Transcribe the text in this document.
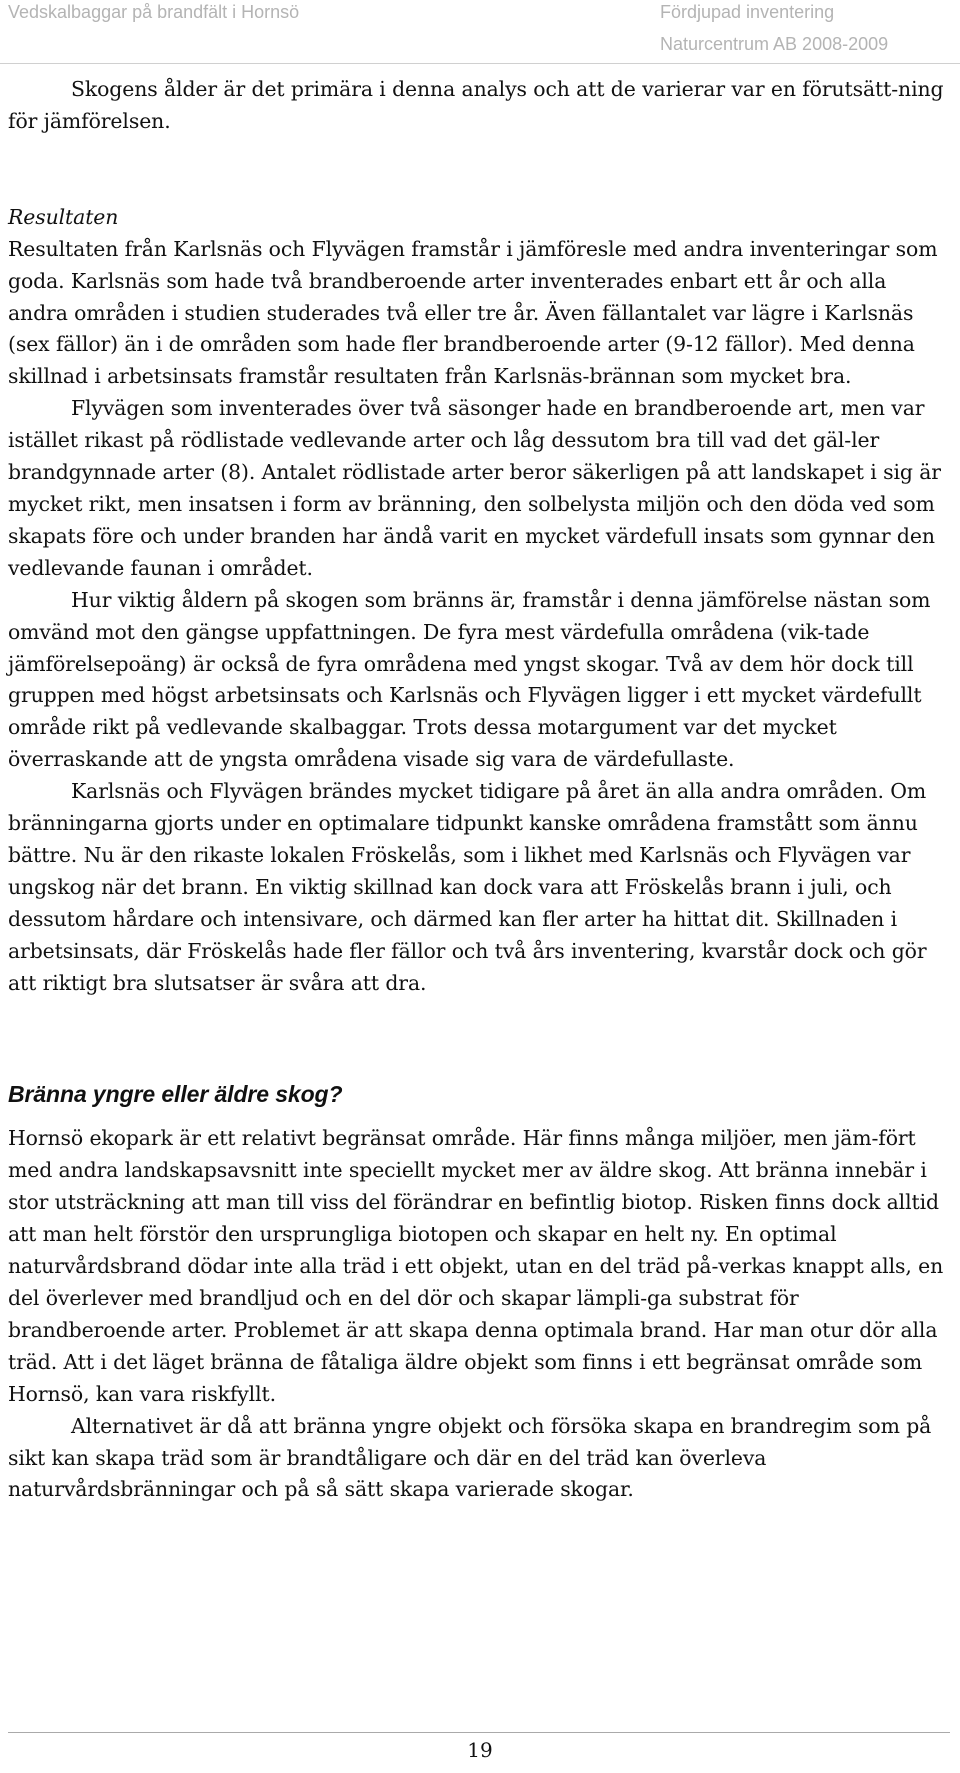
Vedskalbaggar på brandfält i Hornsö	Fördjupad inventering
Naturcentrum AB 2008-2009

Skogens ålder är det primära i denna analys och att de varierar var en förutsätt-ning för jämförelsen.

Resultaten

Resultaten från Karlsnäs och Flyvägen framstår i jämföresle med andra inventeringar som goda. Karlsnäs som hade två brandberoende arter inventerades enbart ett år och alla andra områden i studien studerades två eller tre år. Även fällantalet var lägre i Karlsnäs (sex fällor) än i de områden som hade fler brandberoende arter (9-12 fällor). Med denna skillnad i arbetsinsats framstår resultaten från Karlsnäs-brännan som mycket bra.

Flyvägen som inventerades över två säsonger hade en brandberoende art, men var istället rikast på rödlistade vedlevande arter och låg dessutom bra till vad det gäl-ler brandgynnade arter (8). Antalet rödlistade arter beror säkerligen på att landskapet i sig är mycket rikt, men insatsen i form av bränning, den solbelysta miljön och den döda ved som skapats före och under branden har ändå varit en mycket värdefull insats som gynnar den vedlevande faunan i området.

Hur viktig åldern på skogen som bränns är, framstår i denna jämförelse nästan som omvänd mot den gängse uppfattningen. De fyra mest värdefulla områdena (vik-tade jämförelsepoäng) är också de fyra områdena med yngst skogar. Två av dem hör dock till gruppen med högst arbetsinsats och Karlsnäs och Flyvägen ligger i ett mycket värdefullt område rikt på vedlevande skalbaggar. Trots dessa motargument var det mycket överraskande att de yngsta områdena visade sig vara de värdefullaste.

Karlsnäs och Flyvägen brändes mycket tidigare på året än alla andra områden. Om bränningarna gjorts under en optimalare tidpunkt kanske områdena framstått som ännu bättre. Nu är den rikaste lokalen Fröskelås, som i likhet med Karlsnäs och Flyvägen var ungskog när det brann. En viktig skillnad kan dock vara att Fröskelås brann i juli, och dessutom hårdare och intensivare, och därmed kan fler arter ha hittat dit. Skillnaden i arbetsinsats, där Fröskelås hade fler fällor och två års inventering, kvarstår dock och gör att riktigt bra slutsatser är svåra att dra.

Bränna yngre eller äldre skog?

Hornsö ekopark är ett relativt begränsat område. Här finns många miljöer, men jäm-fört med andra landskapsavsnitt inte speciellt mycket mer av äldre skog. Att bränna innebär i stor utsträckning att man till viss del förändrar en befintlig biotop. Risken finns dock alltid att man helt förstör den ursprungliga biotopen och skapar en helt ny. En optimal naturvårdsbrand dödar inte alla träd i ett objekt, utan en del träd på-verkas knappt alls, en del överlever med brandljud och en del dör och skapar lämpli-ga substrat för brandberoende arter. Problemet är att skapa denna optimala brand. Har man otur dör alla träd. Att i det läget bränna de fåtaliga äldre objekt som finns i ett begränsat område som Hornsö, kan vara riskfyllt.

Alternativet är då att bränna yngre objekt och försöka skapa en brandregim som på sikt kan skapa träd som är brandtåligare och där en del träd kan överleva naturvårdsbränningar och på så sätt skapa varierade skogar.

19
